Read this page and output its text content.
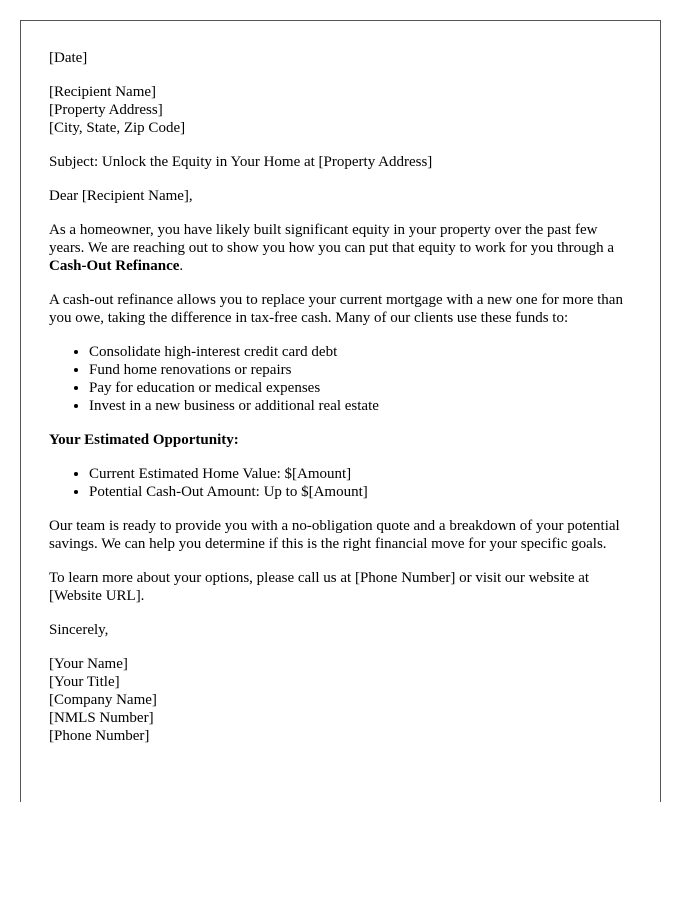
[Date]

[Recipient Name]
[Property Address]
[City, State, Zip Code]

Subject: Unlock the Equity in Your Home at [Property Address]

Dear [Recipient Name],

As a homeowner, you have likely built significant equity in your property over the past few years. We are reaching out to show you how you can put that equity to work for you through a Cash-Out Refinance.

A cash-out refinance allows you to replace your current mortgage with a new one for more than you owe, taking the difference in tax-free cash. Many of our clients use these funds to:

• Consolidate high-interest credit card debt
• Fund home renovations or repairs
• Pay for education or medical expenses
• Invest in a new business or additional real estate

Your Estimated Opportunity:

• Current Estimated Home Value: $[Amount]
• Potential Cash-Out Amount: Up to $[Amount]

Our team is ready to provide you with a no-obligation quote and a breakdown of your potential savings. We can help you determine if this is the right financial move for your specific goals.

To learn more about your options, please call us at [Phone Number] or visit our website at [Website URL].

Sincerely,

[Your Name]
[Your Title]
[Company Name]
[NMLS Number]
[Phone Number]
